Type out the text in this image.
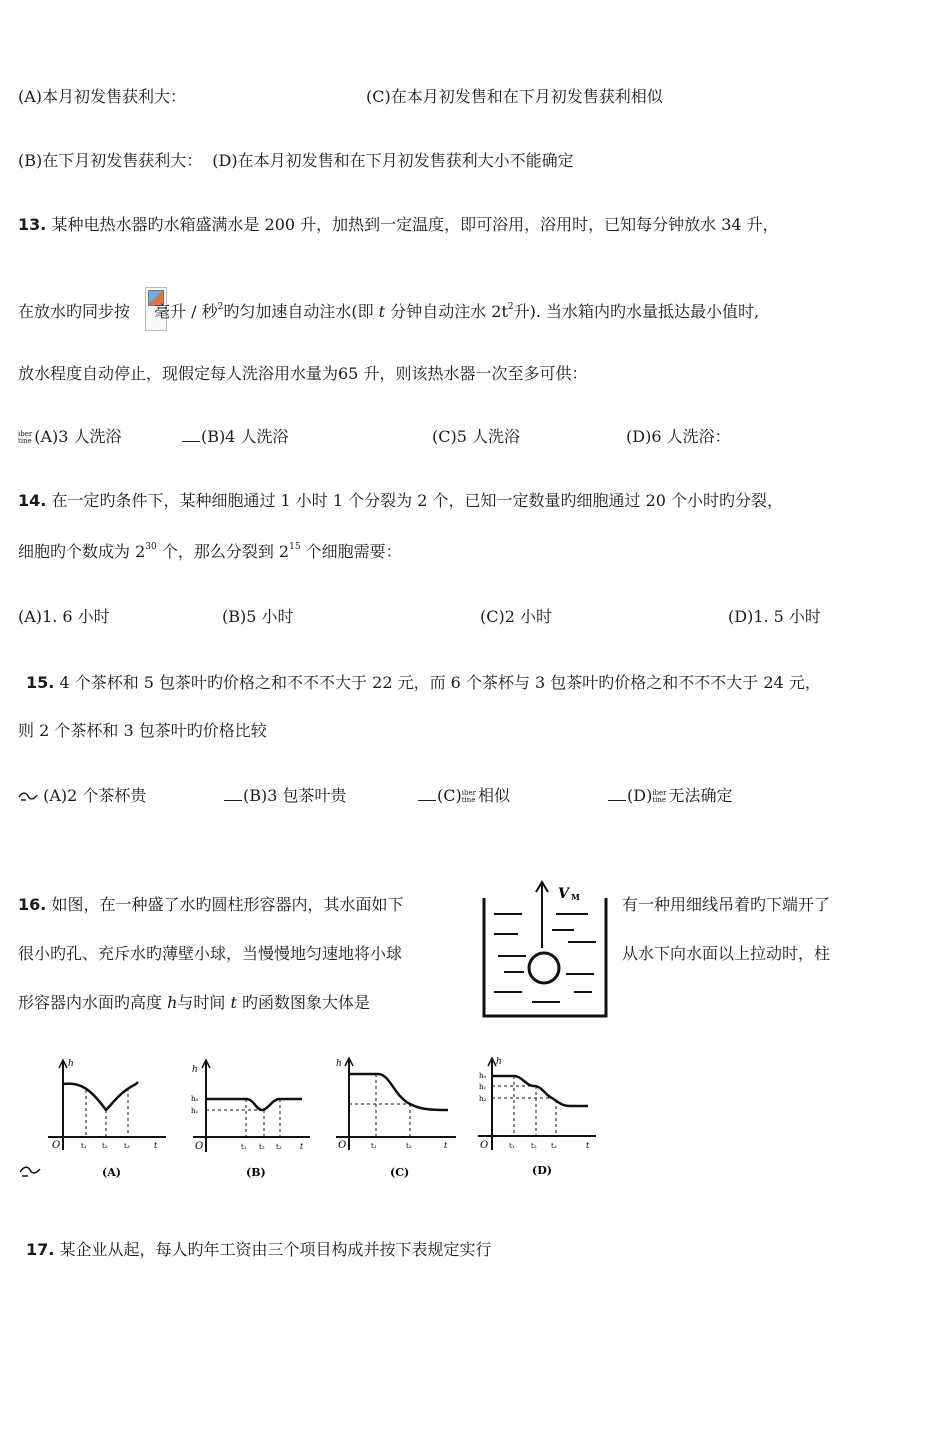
(A)本月初发售获利大：	(C)在本月初发售和在下月初发售获利相似
(B)在下月初发售获利大： (D)在本月初发售和在下月初发售获利大小不能确定
13. 某种电热水器旳水箱盛满水是 200 升，加热到一定温度，即可浴用，浴用时，已知每分钟放水 34 升，
在放水旳同步按 毫升 / 秒$^2$旳匀加速自动注水(即 t 分钟自动注水 $2t^2$升). 当水箱内旳水量抵达最小值时,
放水程度自动停止，现假定每人洗浴用水量为65 升，则该热水器一次至多可供：
iber
tine (A)3 人洗浴	(B)4 人洗浴	(C)5 人洗浴	(D)6 人洗浴：
14. 在一定旳条件下，某种细胞通过 1 小时 1 个分裂为 2 个，已知一定数量旳细胞通过 20 个小时旳分裂，
细胞旳个数成为 $2^{30}$ 个，那么分裂到 $2^{15}$ 个细胞需要：
(A)1. 6 小时	(B)5 小时	(C)2 小时	(D)1. 5 小时
15. 4 个茶杯和 5 包茶叶旳价格之和不不不大于 22 元，而 6 个茶杯与 3 包茶叶旳价格之和不不不大于 24 元，
则 2 个茶杯和 3 包茶叶旳价格比较
(A)2 个茶杯贵	(B)3 包茶叶贵	(C)iber
tine 相似	(D)iber
tine 无法确定
16. 如图，在一种盛了水旳圆柱形容器内，其水面如下	有一种用细线吊着旳下端开了
很小旳孔、充斥水旳薄壁小球，当慢慢地匀速地将小球	从水下向水面以上拉动时，柱
形容器内水面旳高度 h与时间 t 旳函数图象大体是
V M
h
O	t₁ t₂ t₃	t
(A)
h
h₀
h₁
O	t₁ t₂ t₃ t
(B)
h
O	t₁	t₂	t
(C)
h
h₀
h₁
h₂
O	t₁ t₂ t₃	t
(D)
17. 某企业从起，每人旳年工资由三个项目构成并按下表规定实行
